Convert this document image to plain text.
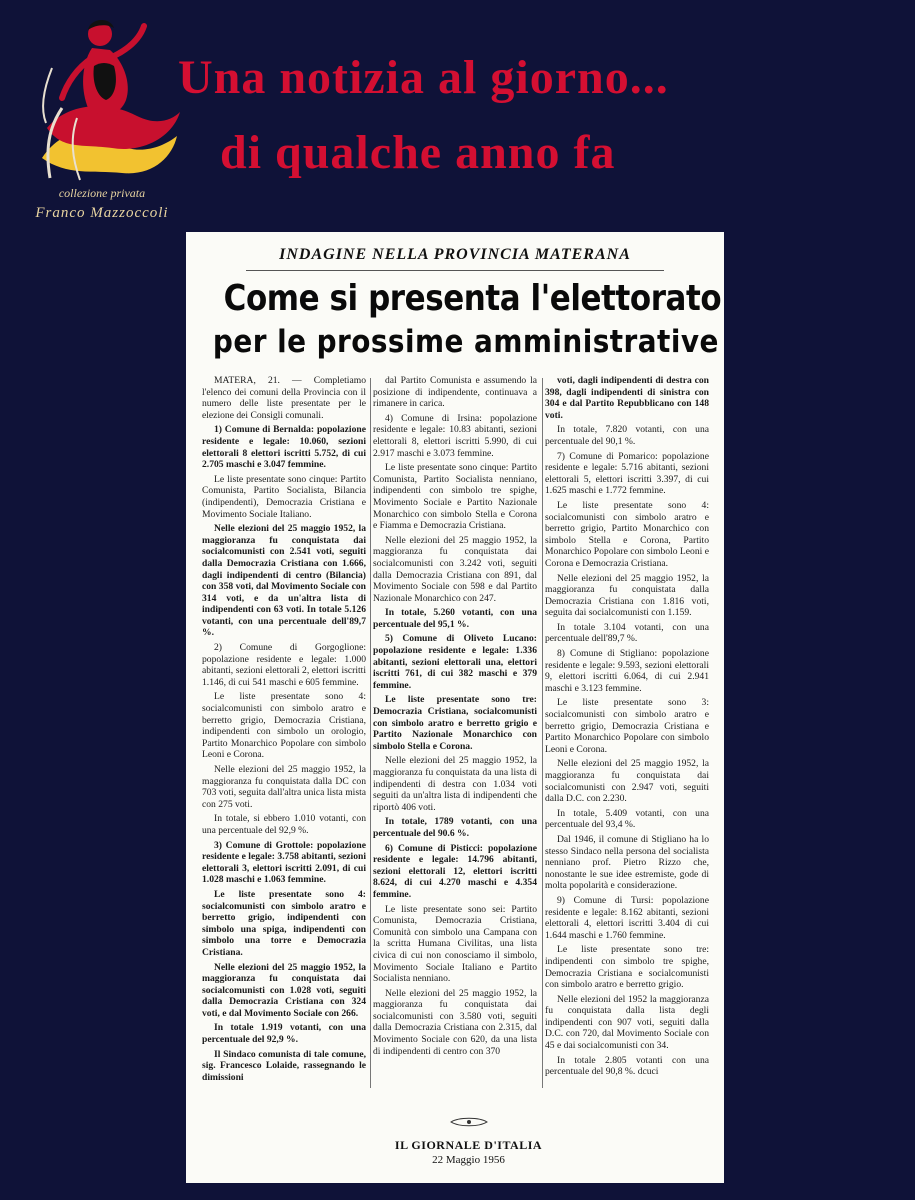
collezione privata
Franco Mazzoccoli
Una notizia al giorno...
di qualche anno fa
INDAGINE NELLA PROVINCIA MATERANA
Come si presenta l'elettorato
per le prossime amministrative

MATERA, 21. — Completiamo l'elenco dei comuni della Provincia con il numero delle liste presentate per le elezione dei Consigli comunali.

1) Comune di Bernalda: popolazione residente e legale: 10.060, sezioni elettorali 8 elettori iscritti 5.752, di cui 2.705 maschi e 3.047 femmine.

Le liste presentate sono cinque: Partito Comunista, Partito Socialista, Bilancia (indipendenti), Democrazia Cristiana e Movimento Sociale Italiano.

Nelle elezioni del 25 maggio 1952, la maggioranza fu conquistata dai socialcomunisti con 2.541 voti, seguiti dalla Democrazia Cristiana con 1.666, dagli indipendenti di centro (Bilancia) con 358 voti, dal Movimento Sociale con 314 voti, e da un'altra lista di indipendenti con 63 voti. In totale 5.126 votanti, con una percentuale dell'89,7 %.

2) Comune di Gorgoglione: popolazione residente e legale: 1.000 abitanti, sezioni elettorali 2, elettori iscritti 1.146, di cui 541 maschi e 605 femmine.

Le liste presentate sono 4: socialcomunisti con simbolo aratro e berretto grigio, Democrazia Cristiana, indipendenti con simbolo un orologio, Partito Monarchico Popolare con simbolo Leoni e Corona.

Nelle elezioni del 25 maggio 1952, la maggioranza fu conquistata dalla DC con 703 voti, seguita dall'altra unica lista mista con 275 voti.

In totale, si ebbero 1.010 votanti, con una percentuale del 92,9 %.

3) Comune di Grottole: popolazione residente e legale: 3.758 abitanti, sezioni elettorali 3, elettori iscritti 2.091, di cui 1.028 maschi e 1.063 femmine.

Le liste presentate sono 4: socialcomunisti con simbolo aratro e berretto grigio, indipendenti con simbolo una spiga, indipendenti con simbolo una torre e Democrazia Cristiana.

Nelle elezioni del 25 maggio 1952, la maggioranza fu conquistata dai socialcomunisti con 1.028 voti, seguiti dalla Democrazia Cristiana con 324 voti, e dal Movimento Sociale con 266.

In totale 1.919 votanti, con una percentuale del 92,9 %.

Il Sindaco comunista di tale comune, sig. Francesco Lolaide, rassegnando le dimissioni

dal Partito Comunista e assumendo la posizione di indipendente, continuava a rimanere in carica.

4) Comune di Irsina: popolazione residente e legale: 10.83 abitanti, sezioni elettorali 8, elettori iscritti 5.990, di cui 2.917 maschi e 3.073 femmine.

Le liste presentate sono cinque: Partito Comunista, Partito Socialista nenniano, indipendenti con simbolo tre spighe, Movimento Sociale e Partito Nazionale Monarchico con simbolo Stella e Corona e Fiamma e Democrazia Cristiana.

Nelle elezioni del 25 maggio 1952, la maggioranza fu conquistata dai socialcomunisti con 3.242 voti, seguiti dalla Democrazia Cristiana con 891, dal Movimento Sociale con 598 e dal Partito Nazionale Monarchico con 247.

In totale, 5.260 votanti, con una percentuale del 95,1 %.

5) Comune di Oliveto Lucano: popolazione residente e legale: 1.336 abitanti, sezioni elettorali una, elettori iscritti 761, di cui 382 maschi e 379 femmine.

Le liste presentate sono tre: Democrazia Cristiana, socialcomunisti con simbolo aratro e berretto grigio e Partito Nazionale Monarchico con simbolo Stella e Corona.

Nelle elezioni del 25 maggio 1952, la maggioranza fu conquistata da una lista di indipendenti di destra con 1.034 voti seguiti da un'altra lista di indipendenti che riportò 406 voti.

In totale, 1789 votanti, con una percentuale del 90.6 %.

6) Comune di Pisticci: popolazione residente e legale: 14.796 abitanti, sezioni elettorali 12, elettori iscritti 8.624, di cui 4.270 maschi e 4.354 femmine.

Le liste presentate sono sei: Partito Comunista, Democrazia Cristiana, Comunità con simbolo una Campana con la scritta Humana Civilitas, una lista civica di cui non conosciamo il simbolo, Movimento Sociale Italiano e Partito Socialista nenniano.

Nelle elezioni del 25 maggio 1952, la maggioranza fu conquistata dai socialcomunisti con 3.580 voti, seguiti dalla Democrazia Cristiana con 2.315, dal Movimento Sociale con 620, da una lista di indipendenti di centro con 370

voti, dagli indipendenti di destra con 398, dagli indipendenti di sinistra con 304 e dal Partito Repubblicano con 148 voti.

In totale, 7.820 votanti, con una percentuale del 90,1 %.

7) Comune di Pomarico: popolazione residente e legale: 5.716 abitanti, sezioni elettorali 5, elettori iscritti 3.397, di cui 1.625 maschi e 1.772 femmine.

Le liste presentate sono 4: socialcomunisti con simbolo aratro e berretto grigio, Partito Monarchico con simbolo Stella e Corona, Partito Monarchico Popolare con simbolo Leoni e Corona e Democrazia Cristiana.

Nelle elezioni del 25 maggio 1952, la maggioranza fu conquistata dalla Democrazia Cristiana con 1.816 voti, seguita dai socialcomunisti con 1.159.

In totale 3.104 votanti, con una percentuale dell'89,7 %.

8) Comune di Stigliano: popolazione residente e legale: 9.593, sezioni elettorali 9, elettori iscritti 6.064, di cui 2.941 maschi e 3.123 femmine.

Le liste presentate sono 3: socialcomunisti con simbolo aratro e berretto grigio, Democrazia Cristiana e Partito Monarchico Popolare con simbolo Leoni e Corona.

Nelle elezioni del 25 maggio 1952, la maggioranza fu conquistata dai socialcomunisti con 2.947 voti, seguiti dalla D.C. con 2.230.

In totale, 5.409 votanti, con una percentuale del 93,4 %.

Dal 1946, il comune di Stigliano ha lo stesso Sindaco nella persona del socialista nenniano prof. Pietro Rizzo che, nonostante le sue idee estremiste, gode di molta popolarità e considerazione.

9) Comune di Tursi: popolazione residente e legale: 8.162 abitanti, sezioni elettorali 4, elettori iscritti 3.404 di cui 1.644 maschi e 1.760 femmine.

Le liste presentate sono tre: indipendenti con simbolo tre spighe, Democrazia Cristiana e socialcomunisti con simbolo aratro e berretto grigio.

Nelle elezioni del 1952 la maggioranza fu conquistata dalla lista degli indipendenti con 907 voti, seguiti dalla D.C. con 720, dal Movimento Sociale con 45 e dai socialcomunisti con 34.

In totale 2.805 votanti con una percentuale del 90,8 %. dcuci

IL GIORNALE D'ITALIA
22 Maggio 1956
